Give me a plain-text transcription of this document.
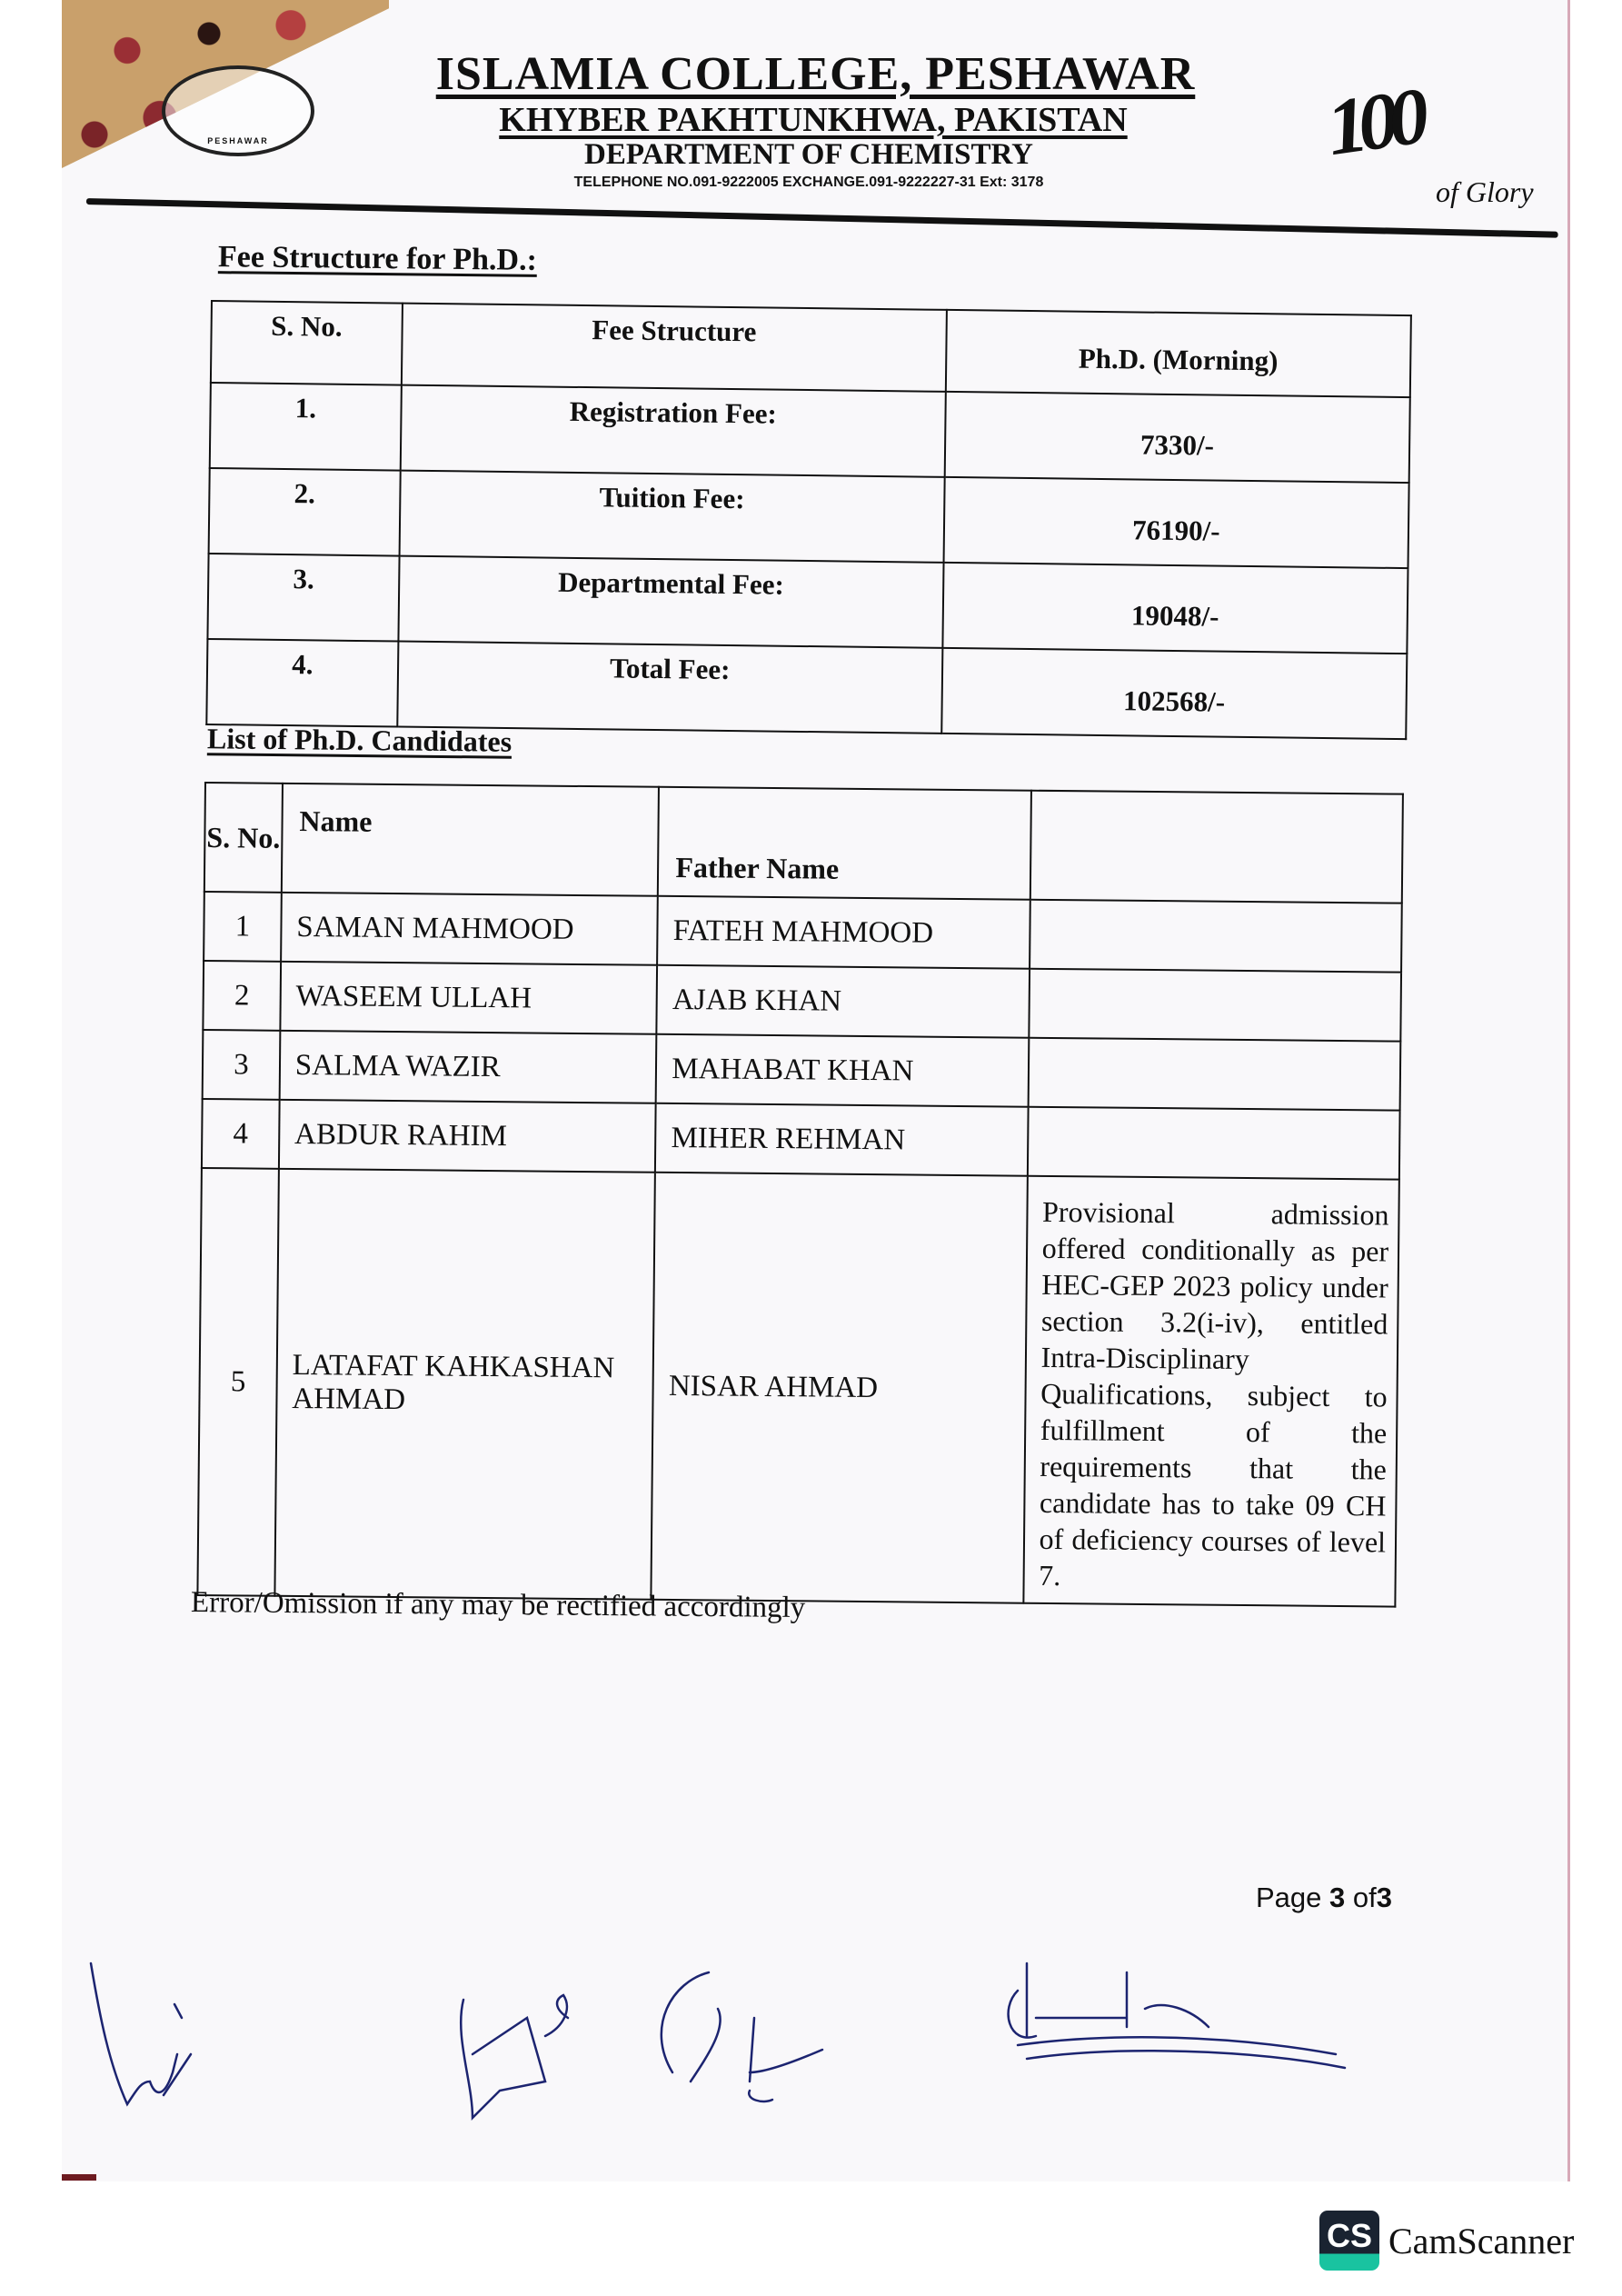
PESHAWAR
ISLAMIA COLLEGE, PESHAWAR
KHYBER PAKHTUNKHWA, PAKISTAN
DEPARTMENT OF CHEMISTRY
TELEPHONE NO.091-9222005 EXCHANGE.091-9222227-31 Ext: 3178
100
of Glory
Fee Structure for Ph.D.:
S. No.	Fee Structure	Ph.D. (Morning)
1.	Registration Fee:	7330/-
2.	Tuition Fee:	76190/-
3.	Departmental Fee:	19048/-
4.	Total Fee:	102568/-
List of Ph.D. Candidates
S. No.	Name	Father Name	
1	SAMAN MAHMOOD	FATEH MAHMOOD	
2	WASEEM ULLAH	AJAB KHAN	
3	SALMA WAZIR	MAHABAT KHAN	
4	ABDUR RAHIM	MIHER REHMAN	
5	LATAFAT KAHKASHAN AHMAD	NISAR AHMAD	Provisional admission offered conditionally as per HEC-GEP 2023 policy under section 3.2(i-iv), entitled Intra-Disciplinary Qualifications, subject to fulfillment of the requirements that the candidate has to take 09 CH of deficiency courses of level 7.
Error/Omission if any may be rectified accordingly
Page 3 of3
CS CamScanner
